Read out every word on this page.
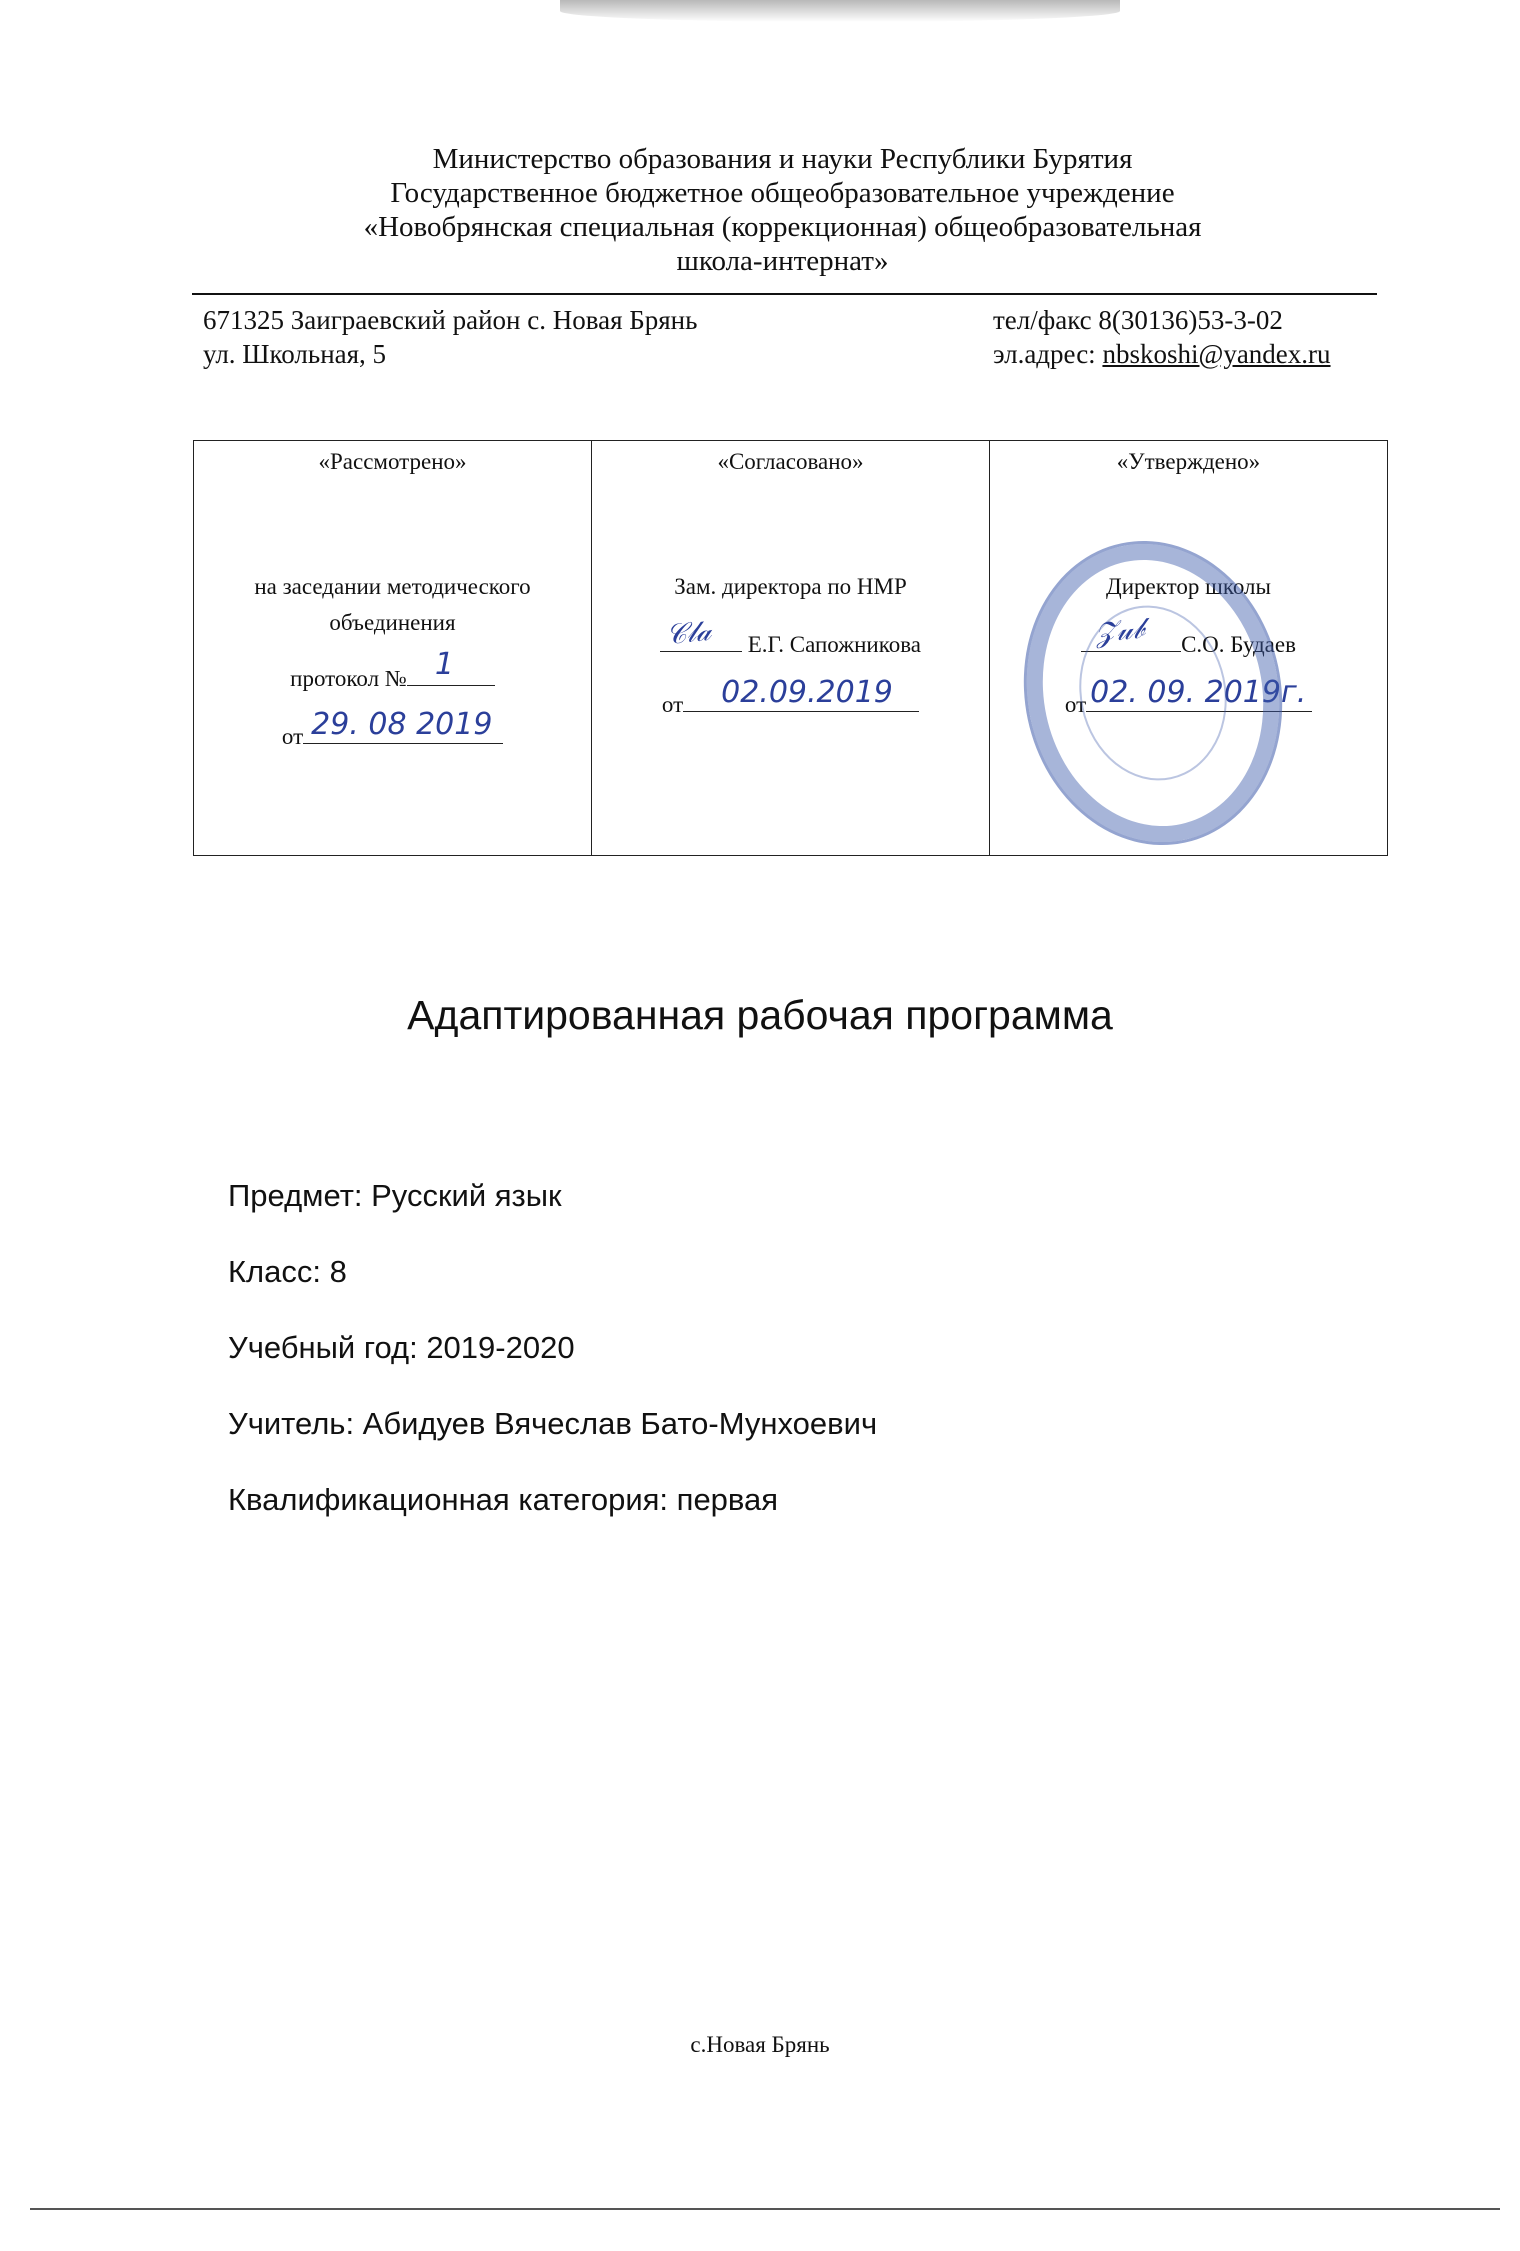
Министерство образования и науки Республики Бурятия
Государственное бюджетное общеобразовательное учреждение
«Новобрянская специальная (коррекционная) общеобразовательная
школа-интернат»
671325 Заиграевский район с. Новая Брянь
ул. Школьная, 5
тел/факс 8(30136)53-3-02
эл.адрес: nbskoshi@yandex.ru
«Рассмотрено»
на заседании методического
объединения
протокол № 1
от 29. 08 2019

«Согласовано»
Зам. директора по НМР
𝒞𝓁𝒶 Е.Г. Сапожникова
от 02.09.2019

«Утверждено»
Директор школы
𝒵𝓊𝒷 С.О. Будаев
от 02. 09. 2019г.
Адаптированная рабочая программа
Предмет: Русский язык
Класс: 8
Учебный год: 2019-2020
Учитель: Абидуев Вячеслав Бато-Мунхоевич
Квалификационная категория: первая
с.Новая Брянь
